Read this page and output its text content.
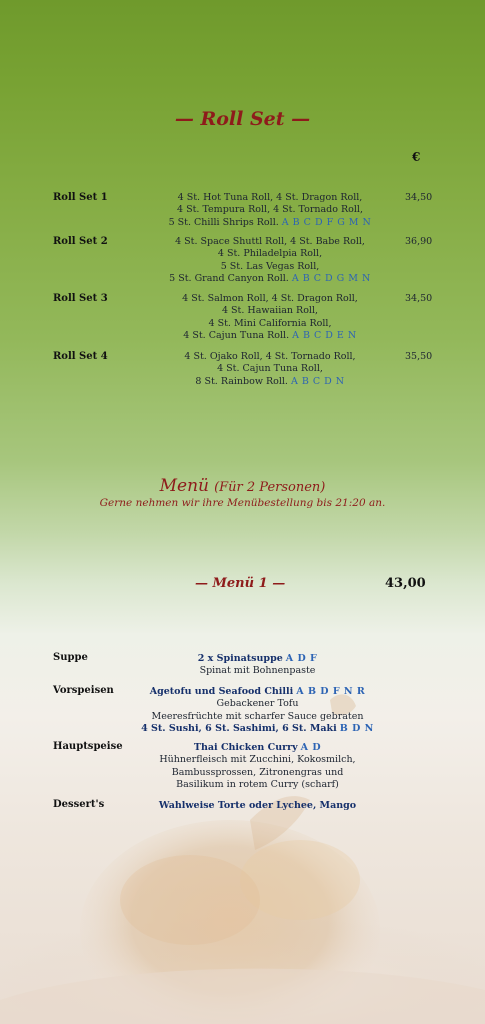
— Roll Set —
€
Roll Set 1	4 St. Hot Tuna Roll, 4 St. Dragon Roll,
4 St. Tempura Roll, 4 St. Tornado Roll,
5 St. Chilli Shrips Roll. A B C D F G M N
34,50
Roll Set 2	4 St. Space Shuttl Roll, 4 St. Babe Roll,
4 St. Philadelpia Roll,
5 St. Las Vegas Roll,
5 St. Grand Canyon Roll. A B C D G M N
36,90
Roll Set 3	4 St. Salmon Roll, 4 St. Dragon Roll,
4 St. Hawaiian Roll,
4 St. Mini California Roll,
4 St. Cajun Tuna Roll. A B C D E N
34,50
Roll Set 4	4 St. Ojako Roll, 4 St. Tornado Roll,
4 St. Cajun Tuna Roll,
8 St. Rainbow Roll. A B C D N
35,50
Menü (Für 2 Personen)
Gerne nehmen wir ihre Menübestellung bis 21:20 an.
— Menü 1 —	43,00
Suppe	2 x Spinatsuppe A D F
Spinat mit Bohnenpaste
Vorspeisen	Agetofu und Seafood Chilli A B D F N R
Gebackener Tofu
Meeresfrüchte mit scharfer Sauce gebraten
4 St. Sushi, 6 St. Sashimi, 6 St. Maki B D N
Hauptspeise	Thai Chicken Curry A D
Hühnerfleisch mit Zucchini, Kokosmilch,
Bambussprossen, Zitronengras und
Basilikum in rotem Curry (scharf)
Dessert's	Wahlweise Torte oder Lychee, Mango
